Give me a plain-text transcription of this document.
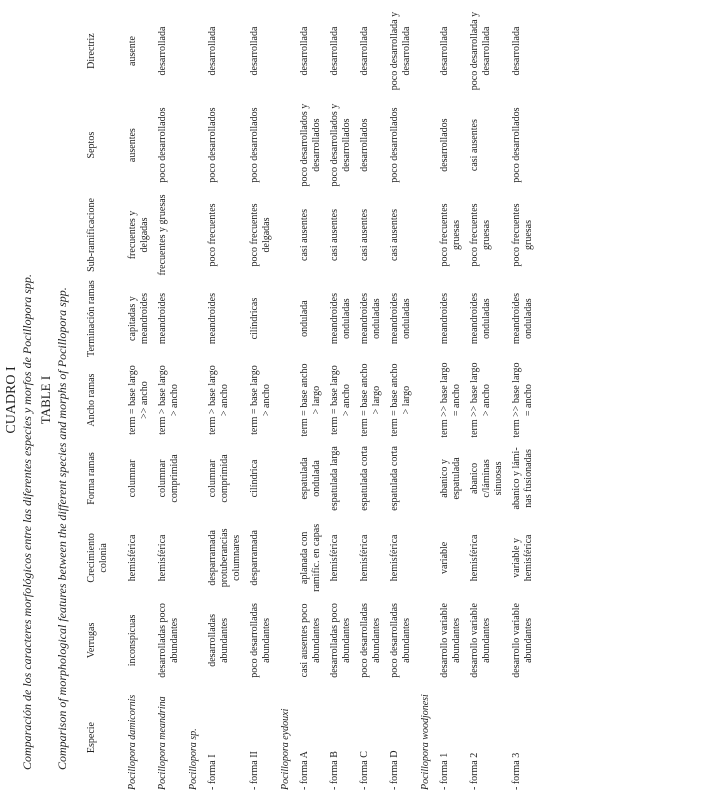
CUADRO I Comparación de los caracteres morfológicos entre las diferentes especies y morfos de Pocillopora spp. TABLE I Comparison of morphological features between the different species and morphs of Pocillopora spp. Especie	Verrugas	Crecimiento colonia	Forma ramas	Ancho ramas	Terminación ramas	Sub-ramificacione	Septos	Directriz
Pocillopora damicornis	inconspicuas	hemisférica	columnar	term = base largo >> ancho	capitadas y meandroides	frecuentes y delgadas	ausentes	ausente
Pocillopora meandrina	desarrolladas poco abundantes	hemisférica	columnar comprimida	term > base largo > ancho	meandroides	frecuentes y gruesas	poco desarrollados	desarrollada
Pocillopora sp.								
- forma I	desarrolladas abundantes	desparramada protuberancias columnares	columnar comprimida	term > base largo > ancho	meandroides	poco frecuentes	poco desarrollados	desarrollada
- forma II	poco desarrolladas abundantes	desparramada	cilíndrica	term = base largo > ancho	cilíndricas	poco frecuentes delgadas	poco desarrollados	desarrollada
Pocillopora eydouxi								
- forma A	casi ausentes poco abundantes	aplanada con ramific. en capas	espatulada ondulada	term = base ancho > largo	ondulada	casi ausentes	poco desarrollados y desarrollados	desarrollada
- forma B	desarrolladas poco abundantes	hemisférica	espatulada larga	term = base largo > ancho	meandroides onduladas	casi ausentes	poco desarrollados y desarrollados	desarrollada
- forma C	poco desarrolladas abundantes	hemisférica	espatulada corta	term = base ancho > largo	meandroides onduladas	casi ausentes	desarrollados	desarrollada
- forma D	poco desarrolladas abundantes	hemisférica	espatulada corta	term = base ancho > largo	meandroides onduladas	casi ausentes	poco desarrollados	poco desarrollada y desarrollada
Pocillopora woodjonesi								
- forma 1	desarrollo variable abundantes	variable	abanico y espatulada	term >> base largo = ancho	meandroides	poco frecuentes gruesas	desarrollados	desarrollada
- forma 2	desarrollo variable abundantes	hemisférica	abanico c/láminas sinuosas	term >> base largo > ancho	meandroides onduladas	poco frecuentes gruesas	casi ausentes	poco desarrollada y desarrollada
- forma 3	desarrollo variable abundantes	variable y hemisférica	abanico y lámi-nas fusionadas	term >> base largo = ancho	meandroides onduladas	poco frecuentes gruesas	poco desarrollados	desarrollada
